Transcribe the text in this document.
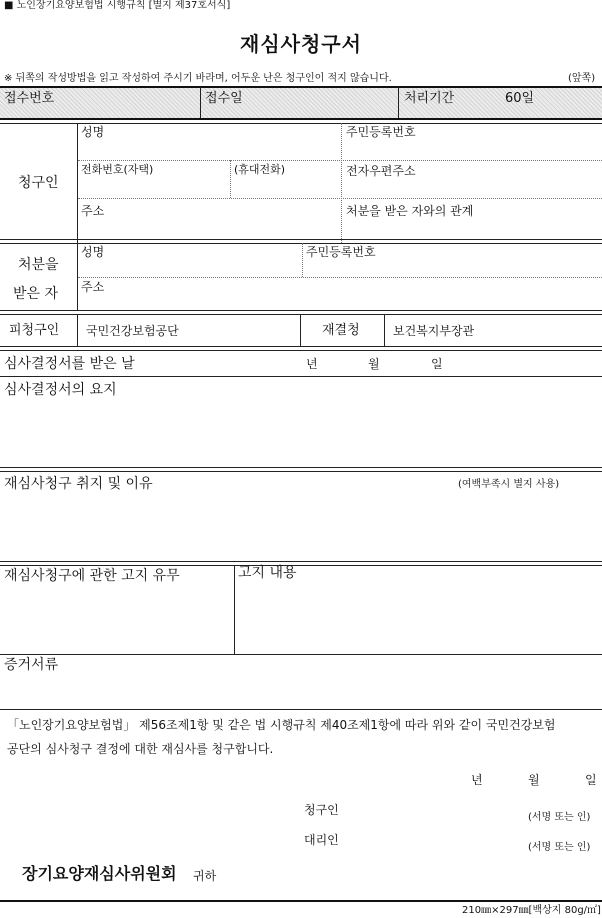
■ 노인장기요양보험법 시행규칙 [별지 제37호서식]
재심사청구서
※ 뒤쪽의 작성방법을 읽고 작성하여 주시기 바라며, 어두운 난은 청구인이 적지 않습니다.	(앞쪽)
접수번호	접수일	처리기간	60일
청구인
성명	주민등록번호
전화번호(자택)	(휴대전화)	전자우편주소
주소	처분을 받은 자와의 관계
처분을
받은 자
성명	주민등록번호
주소
피청구인 국민건강보험공단	재결청	보건복지부장관
심사결정서를 받은 날	년	월	일
심사결정서의 요지
재심사청구 취지 및 이유	(여백부족시 별지 사용)
재심사청구에 관한 고지 유무	고지 내용
증거서류
「노인장기요양보험법」 제56조제1항 및 같은 법 시행규칙 제40조제1항에 따라 위와 같이 국민건강보험
공단의 심사청구 결정에 대한 재심사를 청구합니다.
년	월	일
청구인
(서명 또는 인)
대리인
(서명 또는 인)
장기요양재심사위원회 귀하
210㎜×297㎜[백상지 80g/㎡]
